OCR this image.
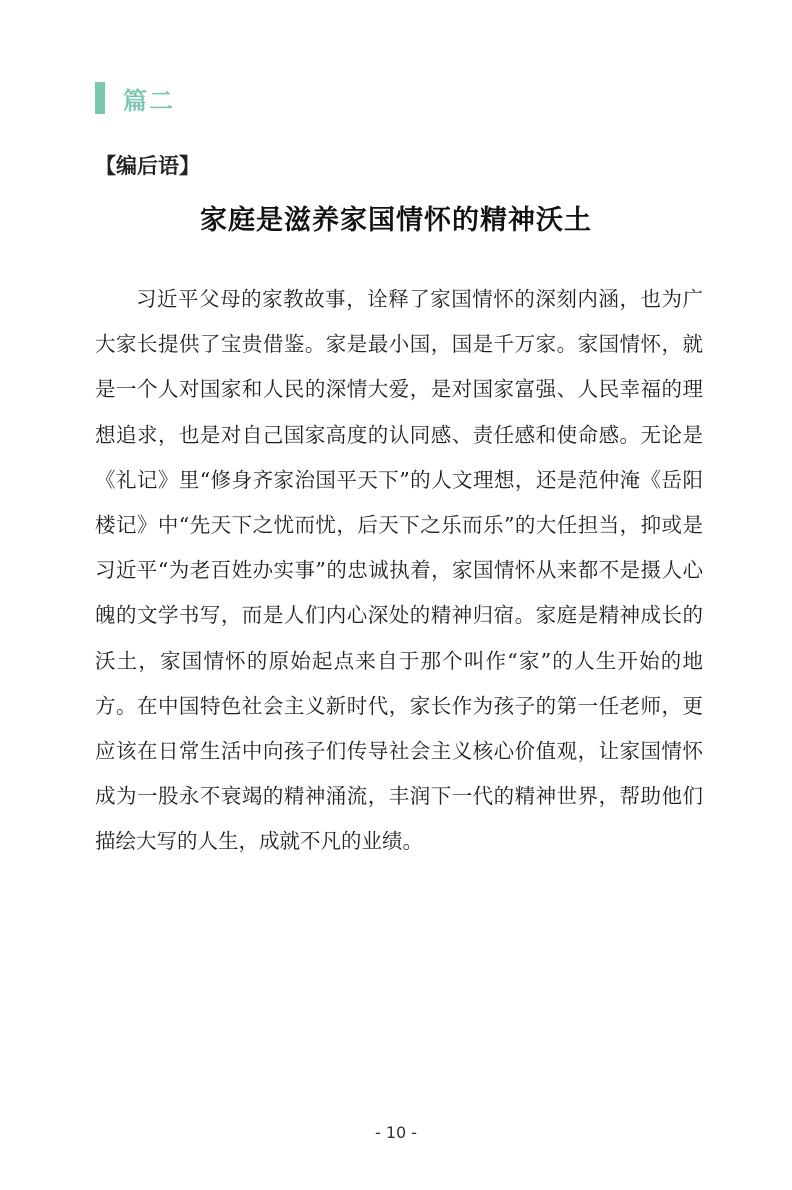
篇二
【编后语】
家庭是滋养家国情怀的精神沃土

习近平父母的家教故事，诠释了家国情怀的深刻内涵，也为广大家长提供了宝贵借鉴。家是最小国，国是千万家。家国情怀，就是一个人对国家和人民的深情大爱，是对国家富强、人民幸福的理想追求，也是对自己国家高度的认同感、责任感和使命感。无论是《礼记》里“修身齐家治国平天下”的人文理想，还是范仲淹《岳阳楼记》中“先天下之忧而忧，后天下之乐而乐”的大任担当，抑或是习近平“为老百姓办实事”的忠诚执着，家国情怀从来都不是摄人心魄的文学书写，而是人们内心深处的精神归宿。家庭是精神成长的沃土，家国情怀的原始起点来自于那个叫作“家”的人生开始的地方。在中国特色社会主义新时代，家长作为孩子的第一任老师，更应该在日常生活中向孩子们传导社会主义核心价值观，让家国情怀成为一股永不衰竭的精神涌流，丰润下一代的精神世界，帮助他们描绘大写的人生，成就不凡的业绩。

- 10 -
